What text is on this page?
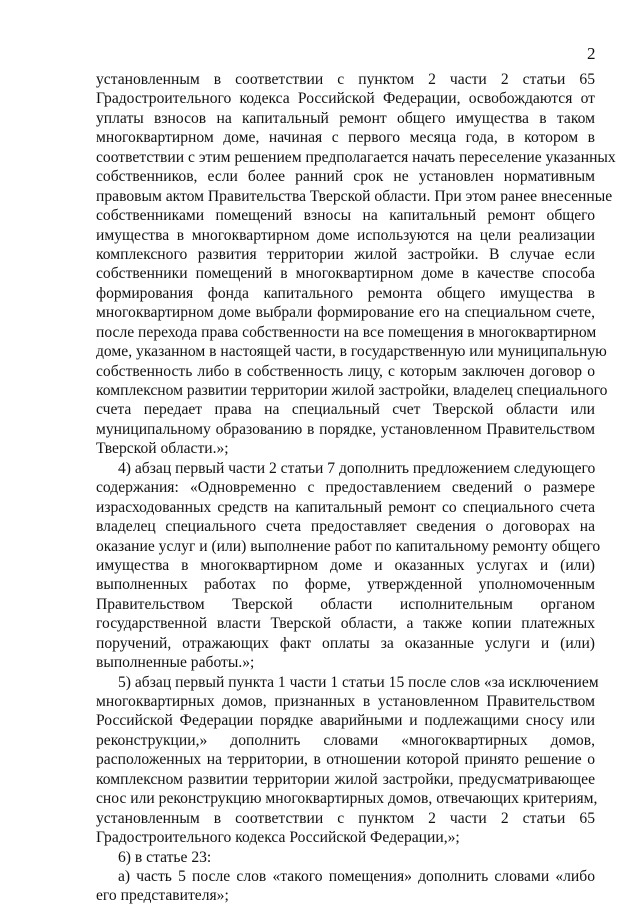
2
установленным в соответствии с пунктом 2 части 2 статьи 65
Градостроительного кодекса Российской Федерации, освобождаются от
уплаты взносов на капитальный ремонт общего имущества в таком
многоквартирном доме, начиная с первого месяца года, в котором в
соответствии с этим решением предполагается начать переселение указанных
собственников, если более ранний срок не установлен нормативным
правовым актом Правительства Тверской области. При этом ранее внесенные
собственниками помещений взносы на капитальный ремонт общего
имущества в многоквартирном доме используются на цели реализации
комплексного развития территории жилой застройки. В случае если
собственники помещений в многоквартирном доме в качестве способа
формирования фонда капитального ремонта общего имущества в
многоквартирном доме выбрали формирование его на специальном счете,
после перехода права собственности на все помещения в многоквартирном
доме, указанном в настоящей части, в государственную или муниципальную
собственность либо в собственность лицу, с которым заключен договор о
комплексном развитии территории жилой застройки, владелец специального
счета передает права на специальный счет Тверской области или
муниципальному образованию в порядке, установленном Правительством
Тверской области.»;
4) абзац первый части 2 статьи 7 дополнить предложением следующего
содержания: «Одновременно с предоставлением сведений о размере
израсходованных средств на капитальный ремонт со специального счета
владелец специального счета предоставляет сведения о договорах на
оказание услуг и (или) выполнение работ по капитальному ремонту общего
имущества в многоквартирном доме и оказанных услугах и (или)
выполненных работах по форме, утвержденной уполномоченным
Правительством Тверской области исполнительным органом
государственной власти Тверской области, а также копии платежных
поручений, отражающих факт оплаты за оказанные услуги и (или)
выполненные работы.»;
5) абзац первый пункта 1 части 1 статьи 15 после слов «за исключением
многоквартирных домов, признанных в установленном Правительством
Российской Федерации порядке аварийными и подлежащими сносу или
реконструкции,» дополнить словами «многоквартирных домов,
расположенных на территории, в отношении которой принято решение о
комплексном развитии территории жилой застройки, предусматривающее
снос или реконструкцию многоквартирных домов, отвечающих критериям,
установленным в соответствии с пунктом 2 части 2 статьи 65
Градостроительного кодекса Российской Федерации,»;
6) в статье 23:
а) часть 5 после слов «такого помещения» дополнить словами «либо
его представителя»;
